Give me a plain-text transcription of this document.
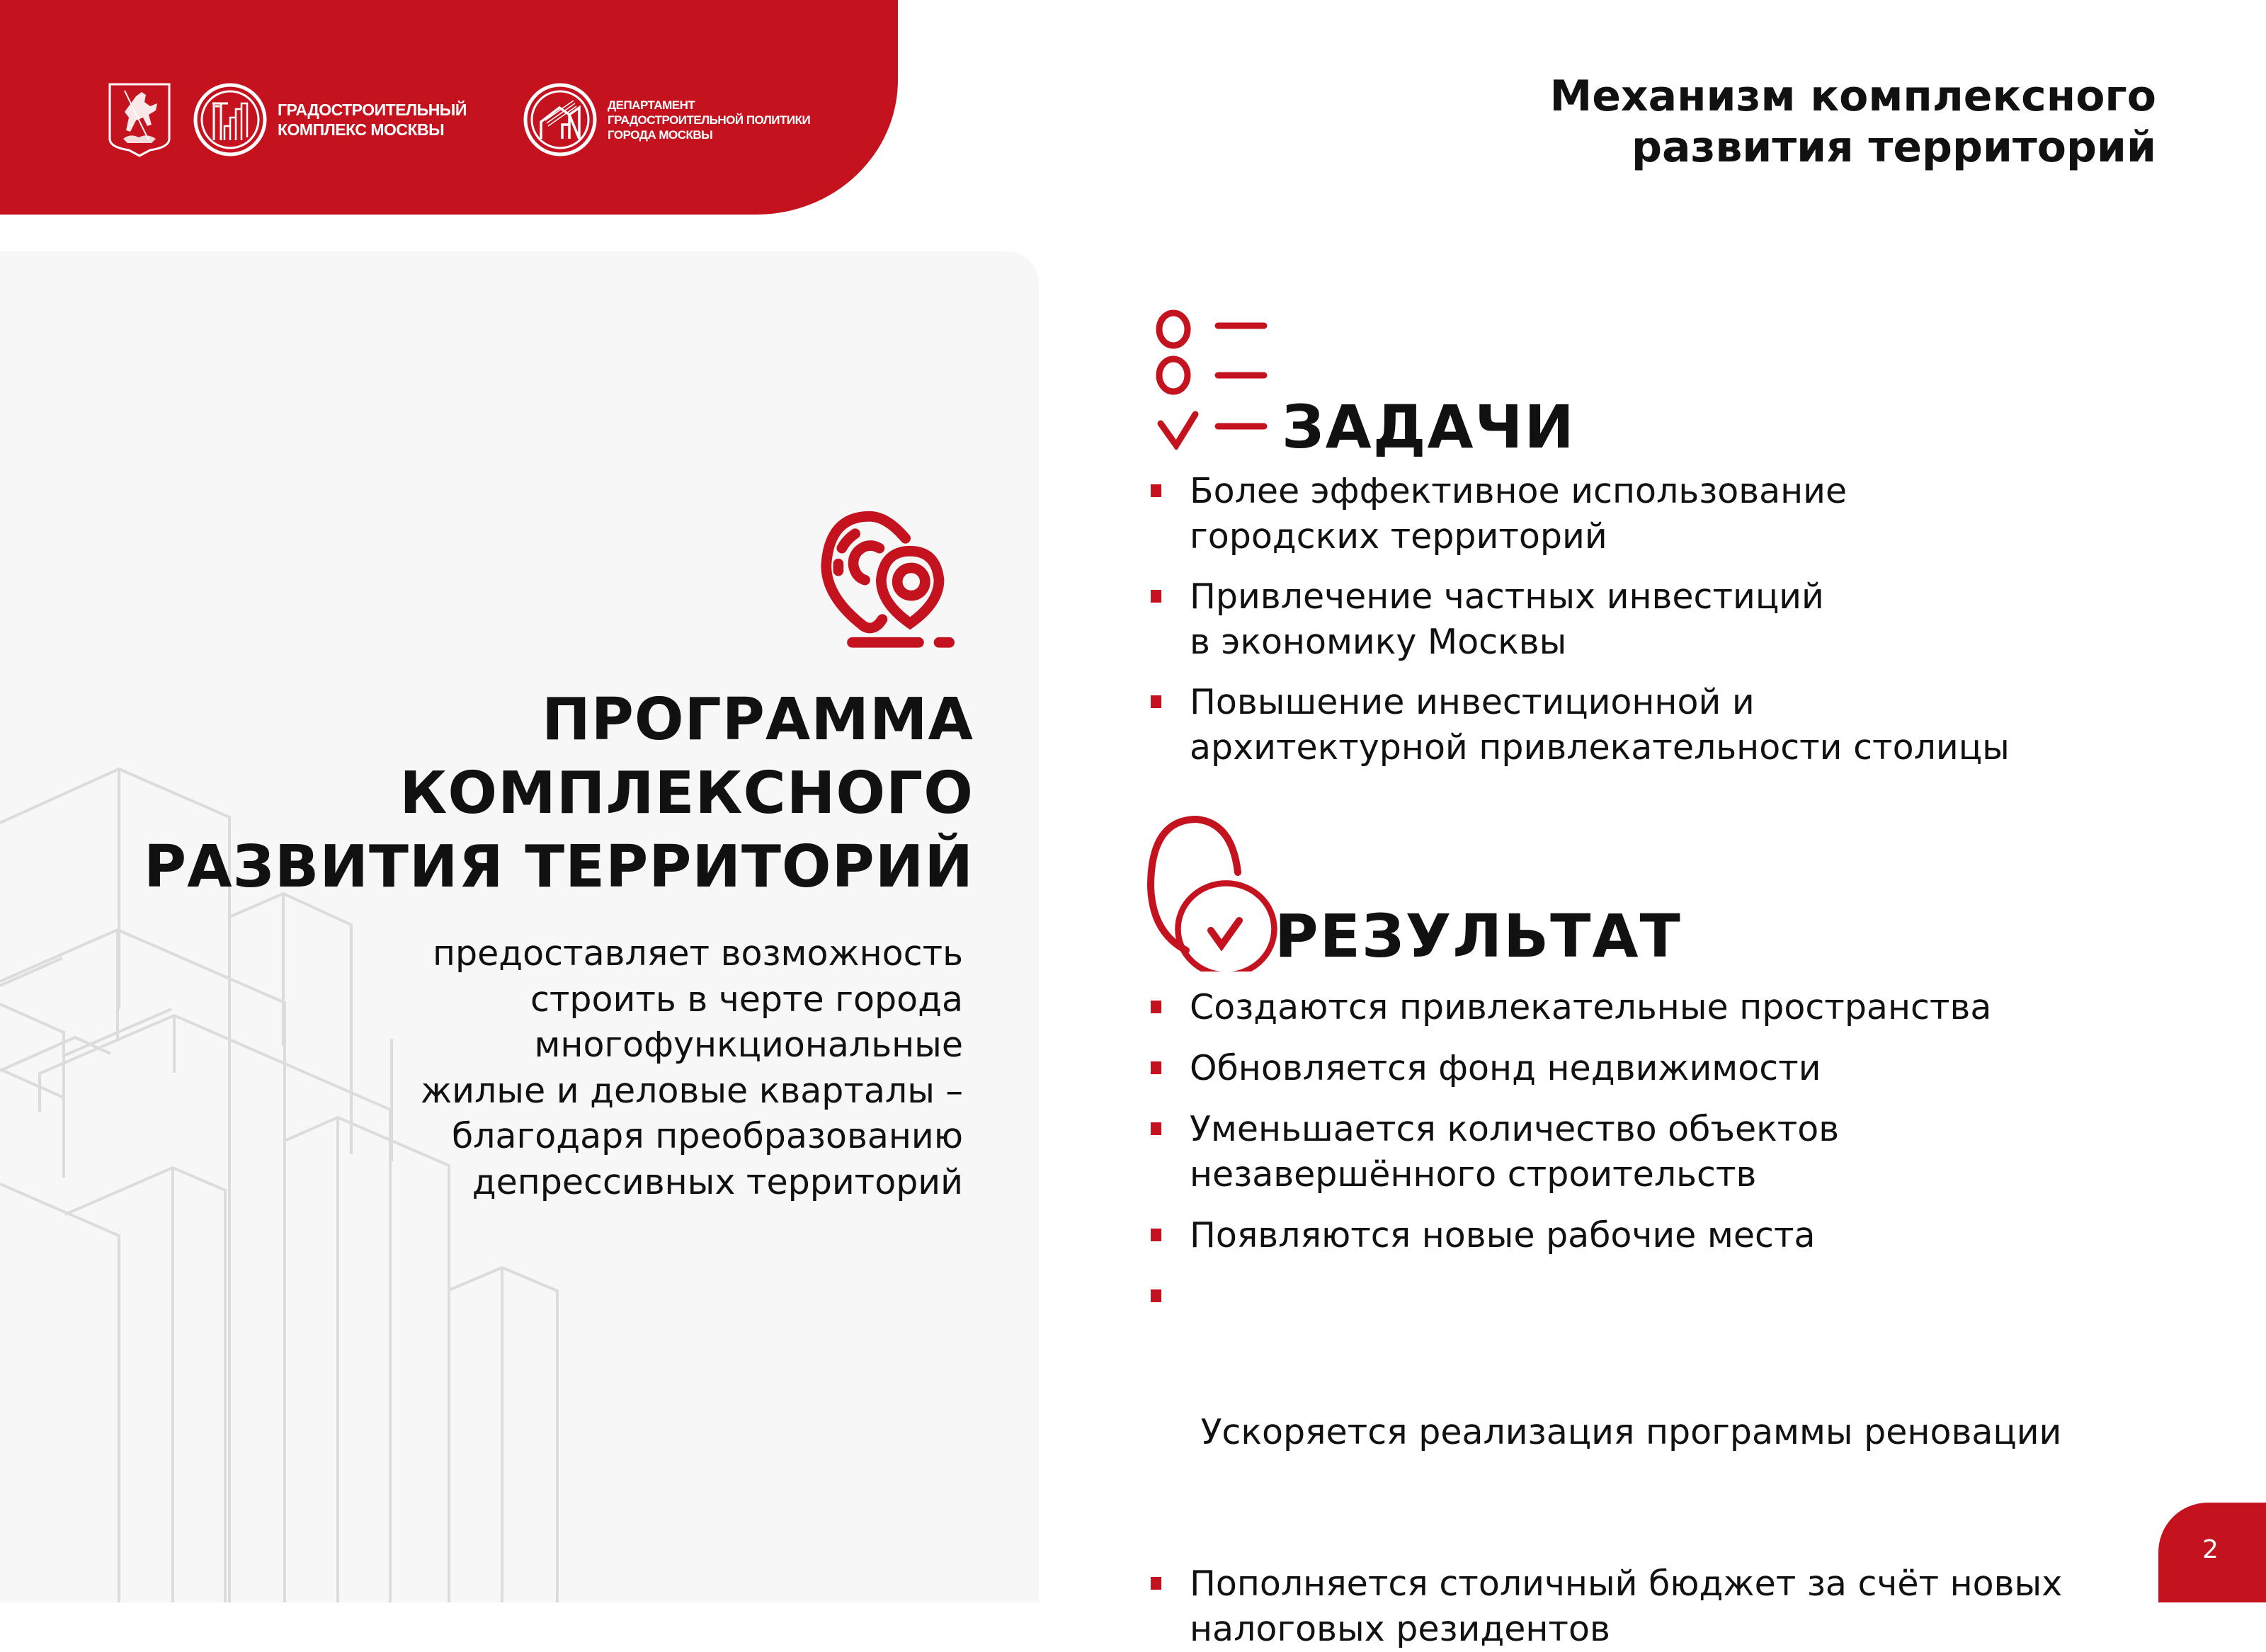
ГРАДОСТРОИТЕЛЬНЫЙ
КОМПЛЕКС МОСКВЫ
ДЕПАРТАМЕНТ
ГРАДОСТРОИТЕЛЬНОЙ ПОЛИТИКИ
ГОРОДА МОСКВЫ
Механизм комплексного
развития территорий
ПРОГРАММА
КОМПЛЕКСНОГО
РАЗВИТИЯ ТЕРРИТОРИЙ
предоставляет возможность
строить в черте города
многофункциональные
жилые и деловые кварталы –
благодаря преобразованию
депрессивных территорий
ЗАДАЧИ
Более эффективное использование
городских территорий
Привлечение частных инвестиций
в экономику Москвы
Повышение инвестиционной и
архитектурной привлекательности столицы
РЕЗУЛЬТАТ
Создаются привлекательные пространства
Обновляется фонд недвижимости
Уменьшается количество объектов
незавершённого строительств
Появляются новые рабочие места

Ускоряется реализация программы реновации

Пополняется столичный бюджет за счёт новых
налоговых резидентов
2
